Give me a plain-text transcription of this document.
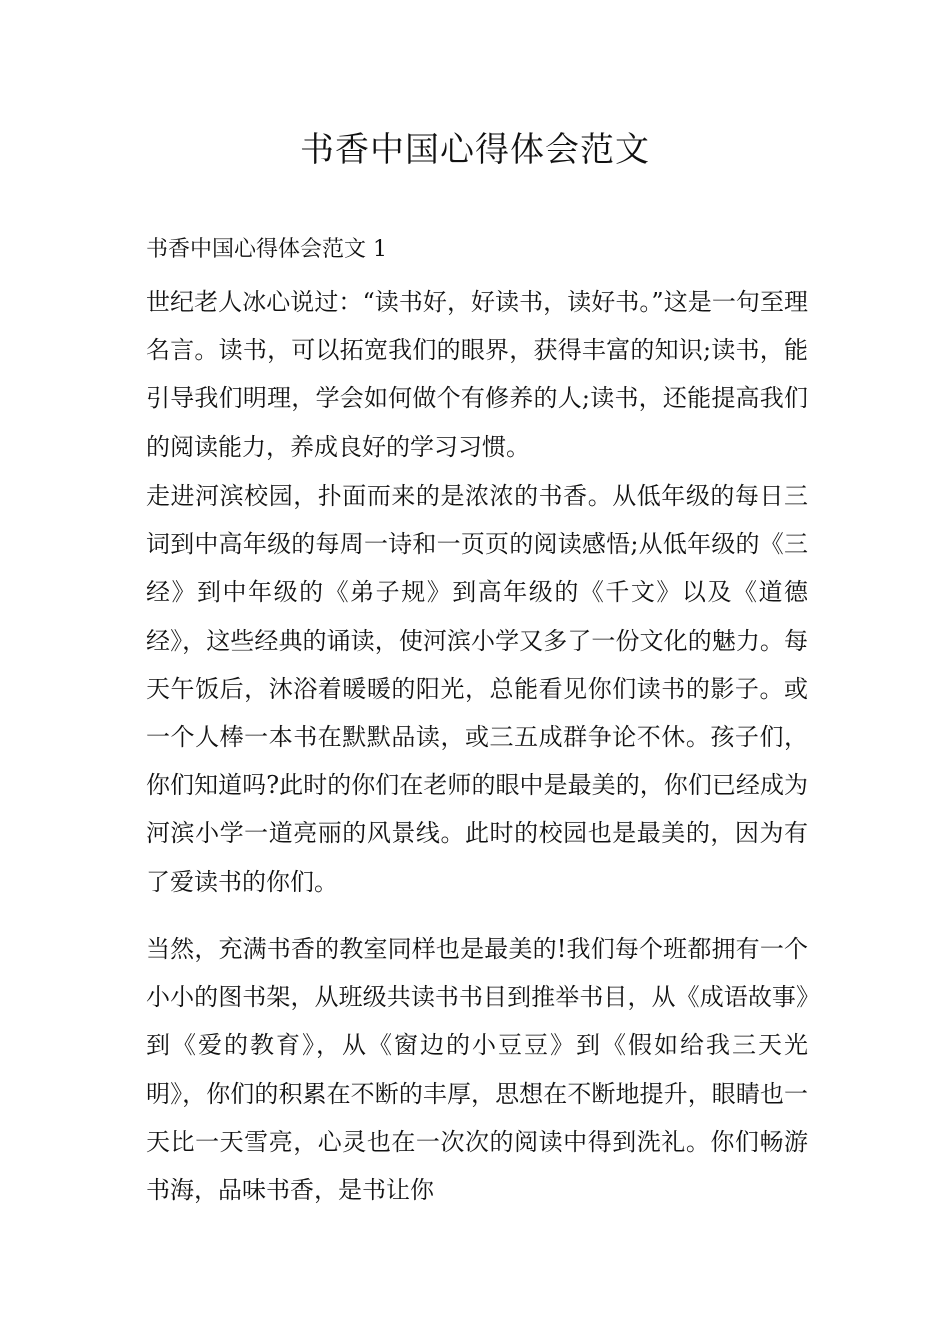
书香中国心得体会范文
书香中国心得体会范文 1

世纪老人冰心说过：“读书好，好读书，读好书。”这是一句至理名言。读书，可以拓宽我们的眼界，获得丰富的知识;读书，能引导我们明理，学会如何做个有修养的人;读书，还能提高我们的阅读能力，养成良好的学习习惯。

走进河滨校园，扑面而来的是浓浓的书香。从低年级的每日三词到中高年级的每周一诗和一页页的阅读感悟;从低年级的《三经》到中年级的《弟子规》到高年级的《千文》以及《道德经》，这些经典的诵读，使河滨小学又多了一份文化的魅力。每天午饭后，沐浴着暖暖的阳光，总能看见你们读书的影子。或一个人棒一本书在默默品读，或三五成群争论不休。孩子们，你们知道吗?此时的你们在老师的眼中是最美的，你们已经成为河滨小学一道亮丽的风景线。此时的校园也是最美的，因为有了爱读书的你们。

当然，充满书香的教室同样也是最美的!我们每个班都拥有一个小小的图书架，从班级共读书书目到推举书目，从《成语故事》到《爱的教育》，从《窗边的小豆豆》到《假如给我三天光明》，你们的积累在不断的丰厚，思想在不断地提升，眼睛也一天比一天雪亮，心灵也在一次次的阅读中得到洗礼。你们畅游书海，品味书香，是书让你
